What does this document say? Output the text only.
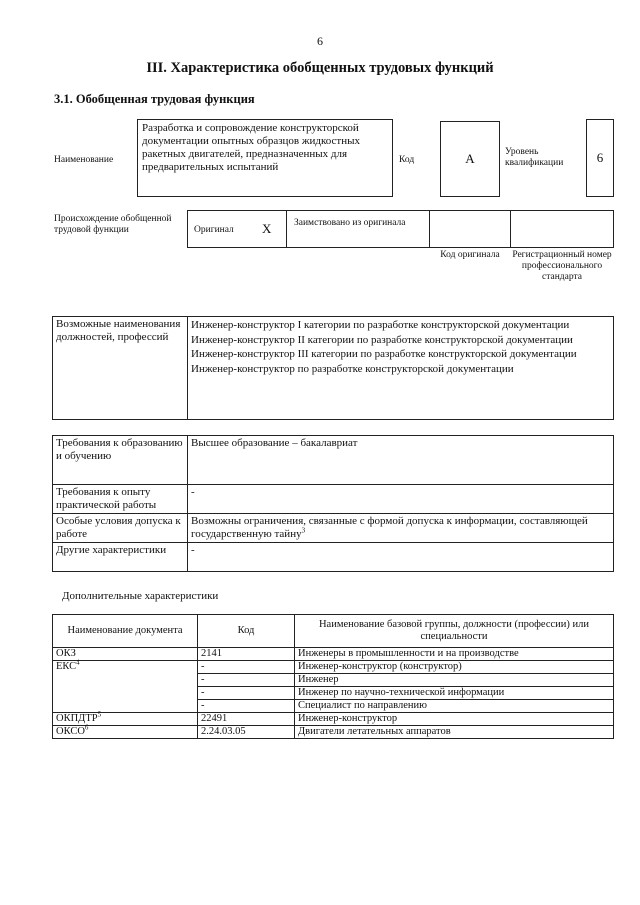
6
III. Характеристика обобщенных трудовых функций
3.1. Обобщенная трудовая функция
Наименование
Разработка и сопровождение конструкторской документации опытных образцов жидкостных ракетных двигателей, предназначенных для предварительных испытаний
Код	A	Уровень квалификации	6
Происхождение обобщенной трудовой функции	Оригинал X Заимствовано из оригинала
Код оригинала	Регистрационный номер профессионального стандарта
Возможные наименования должностей, профессий	
Инженер-конструктор I категории по разработке конструкторской документации
Инженер-конструктор II категории по разработке конструкторской документации
Инженер-конструктор III категории по разработке конструкторской документации
Инженер-конструктор по разработке конструкторской документации
Требования к образованию и обучению	Высшее образование – бакалавриат
Требования к опыту практической работы	-
Особые условия допуска к работе	Возможны ограничения, связанные с формой допуска к информации, составляющей государственную тайну$^3$
Другие характеристики	-
Дополнительные характеристики
Наименование документа	Код	Наименование базовой группы, должности (профессии) или специальности
ОКЗ	2141	Инженеры в промышленности и на производстве
ЕКС$^4$	-	Инженер-конструктор (конструктор)
	-	Инженер
	-	Инженер по научно-технической информации
	-	Специалист по направлению
ОКПДТР$^5$	22491	Инженер-конструктор
ОКСО$^6$	2.24.03.05	Двигатели летательных аппаратов
